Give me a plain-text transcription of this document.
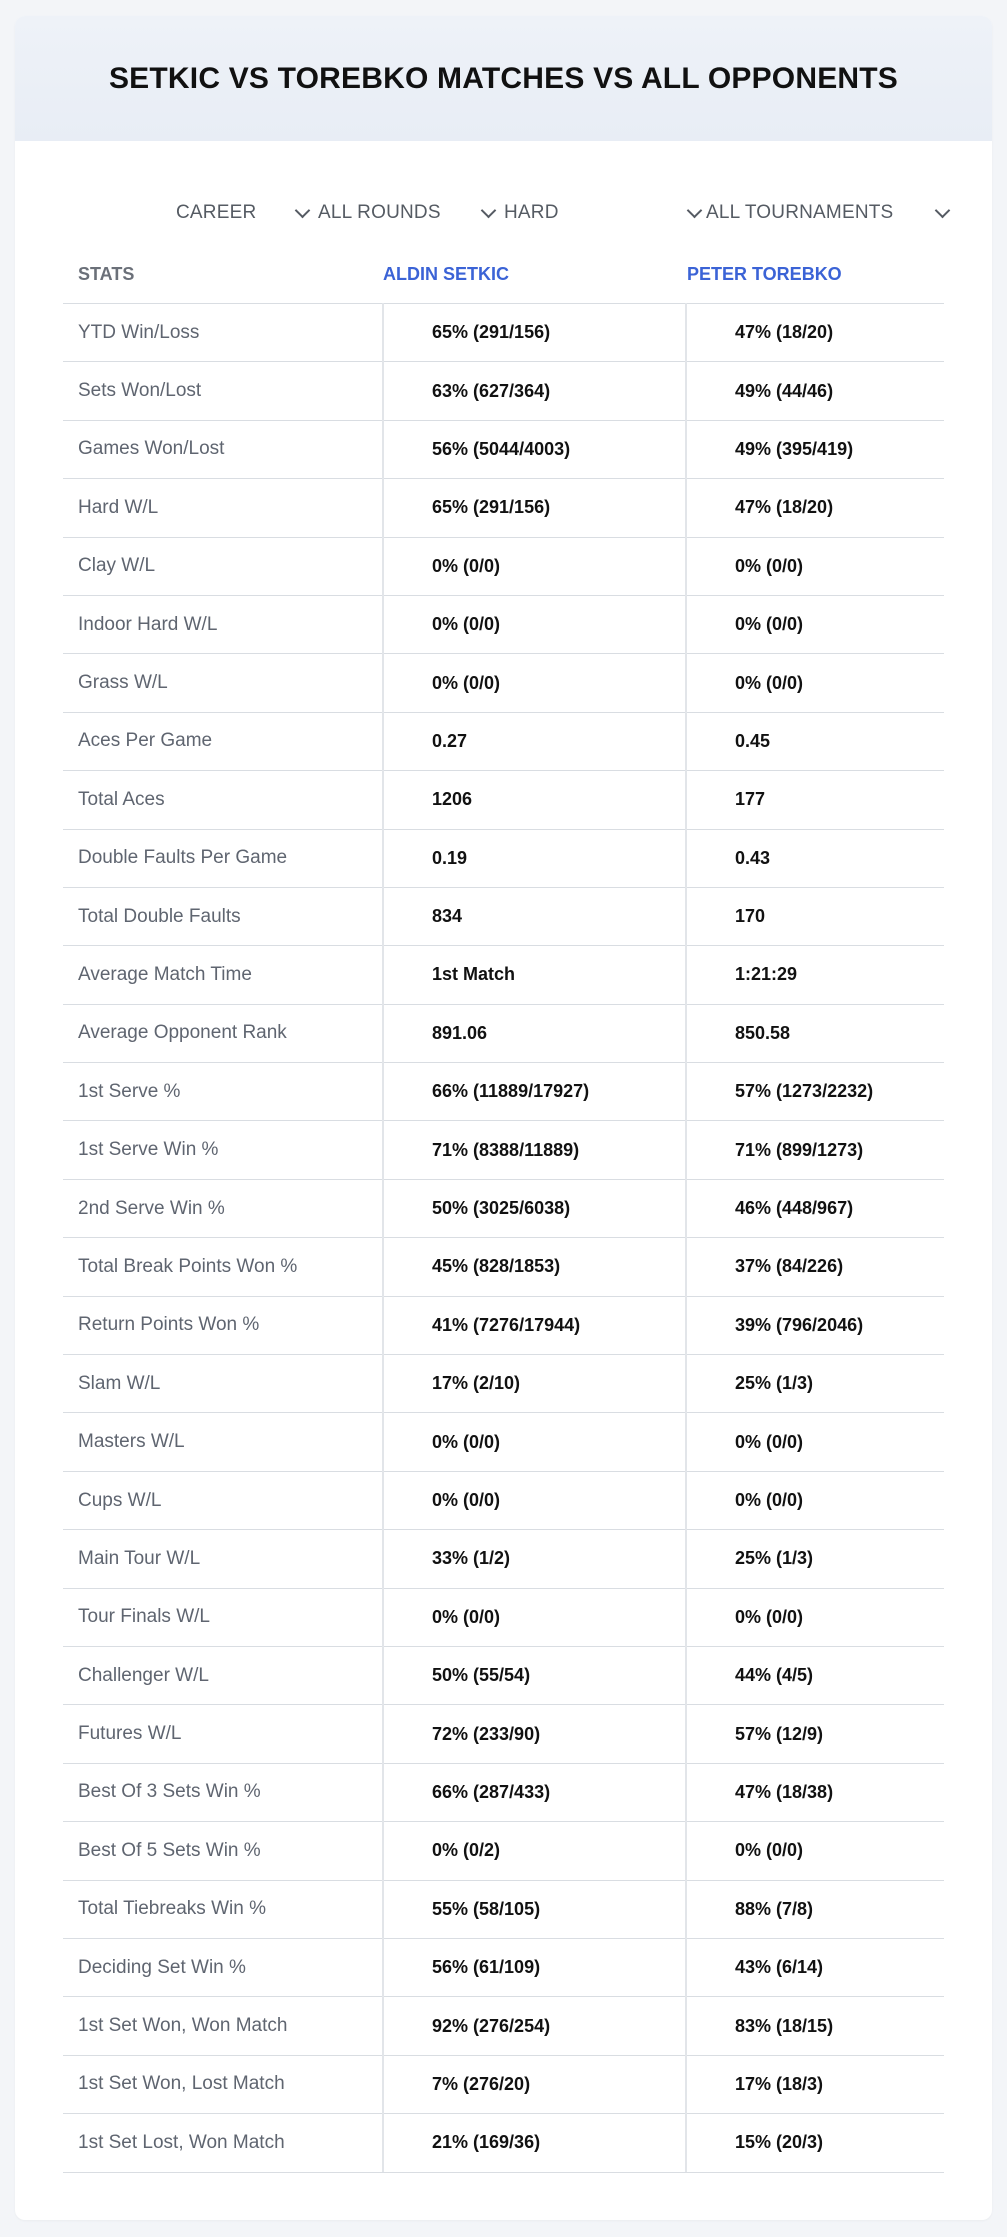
SETKIC VS TOREBKO MATCHES VS ALL OPPONENTS
CAREER	ALL ROUNDS	HARD	ALL TOURNAMENTS
STATS	ALDIN SETKIC	PETER TOREBKO
YTD Win/Loss	65% (291/156)	47% (18/20)
Sets Won/Lost	63% (627/364)	49% (44/46)
Games Won/Lost	56% (5044/4003)	49% (395/419)
Hard W/L	65% (291/156)	47% (18/20)
Clay W/L	0% (0/0)	0% (0/0)
Indoor Hard W/L	0% (0/0)	0% (0/0)
Grass W/L	0% (0/0)	0% (0/0)
Aces Per Game	0.27	0.45
Total Aces	1206	177
Double Faults Per Game	0.19	0.43
Total Double Faults	834	170
Average Match Time	1st Match	1:21:29
Average Opponent Rank	891.06	850.58
1st Serve %	66% (11889/17927)	57% (1273/2232)
1st Serve Win %	71% (8388/11889)	71% (899/1273)
2nd Serve Win %	50% (3025/6038)	46% (448/967)
Total Break Points Won %	45% (828/1853)	37% (84/226)
Return Points Won %	41% (7276/17944)	39% (796/2046)
Slam W/L	17% (2/10)	25% (1/3)
Masters W/L	0% (0/0)	0% (0/0)
Cups W/L	0% (0/0)	0% (0/0)
Main Tour W/L	33% (1/2)	25% (1/3)
Tour Finals W/L	0% (0/0)	0% (0/0)
Challenger W/L	50% (55/54)	44% (4/5)
Futures W/L	72% (233/90)	57% (12/9)
Best Of 3 Sets Win %	66% (287/433)	47% (18/38)
Best Of 5 Sets Win %	0% (0/2)	0% (0/0)
Total Tiebreaks Win %	55% (58/105)	88% (7/8)
Deciding Set Win %	56% (61/109)	43% (6/14)
1st Set Won, Won Match	92% (276/254)	83% (18/15)
1st Set Won, Lost Match	7% (276/20)	17% (18/3)
1st Set Lost, Won Match	21% (169/36)	15% (20/3)
